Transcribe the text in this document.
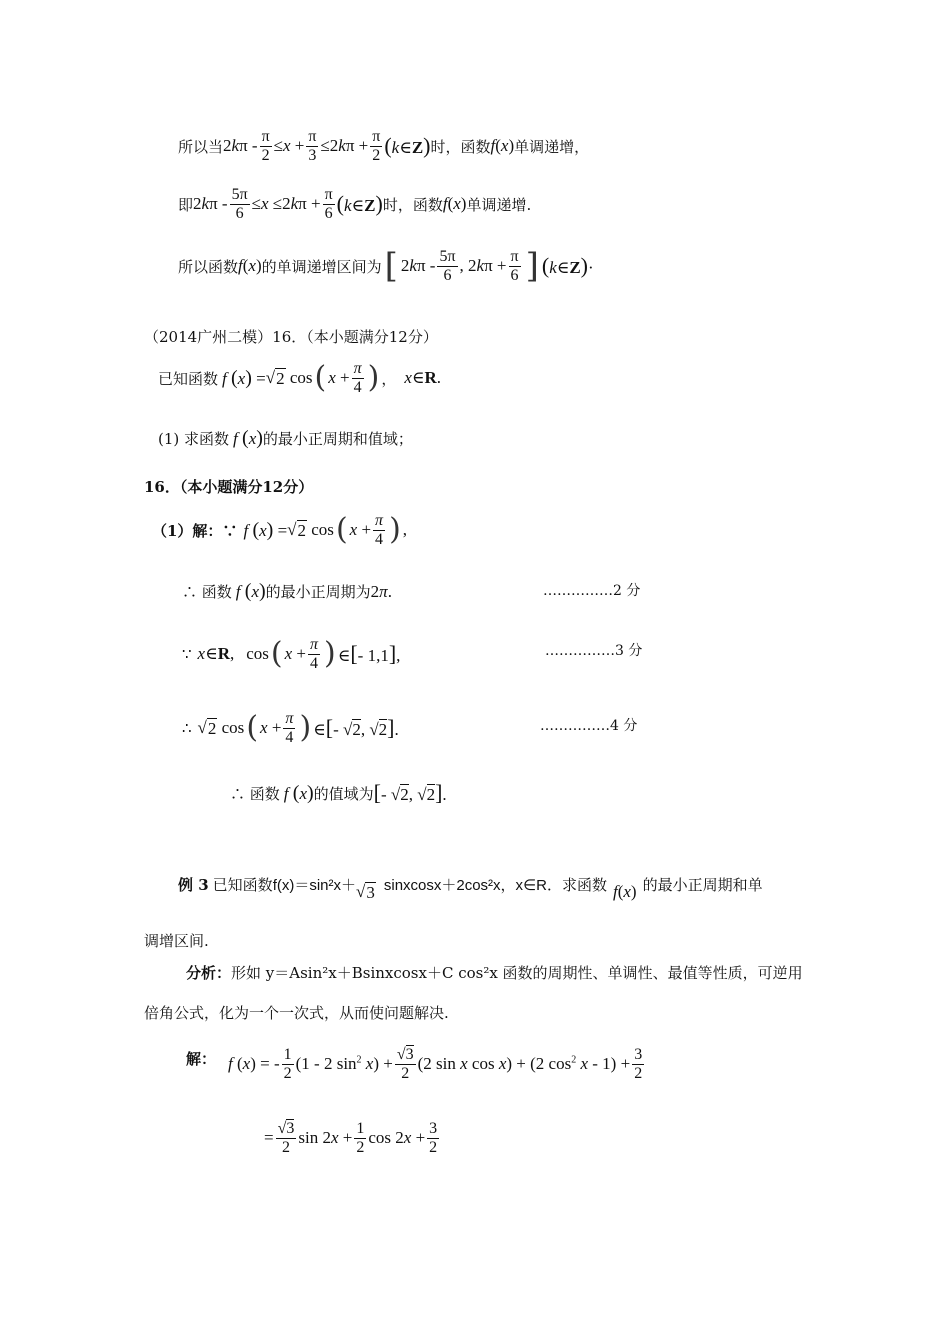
所以当 $2k\pi - \frac{\pi}{2} \le x + \frac{\pi}{3} \le 2k\pi + \frac{\pi}{2}$ (k∈Z) 时，函数 f(x) 单调递增，
即 $2k\pi - \frac{5\pi}{6} \le x \le 2k\pi + \frac{\pi}{6}$ (k∈Z) 时，函数 f(x) 单调递增.
所以函数 f(x) 的单调递增区间为 [ $2k\pi - \frac{5\pi}{6}$ , $2k\pi + \frac{\pi}{6}$ ] (k∈Z)·
（2014广州二模）16．（本小题满分12分）
已知函数 f (x) = √ 2 cos ( $x + \frac{\pi}{4}$ ) ， x∈R.
(1) 求函数 f (x) 的最小正周期和值域；
16．（本小题满分12分）
（1）解：∵ f (x) = √ 2 cos ( $x + \frac{\pi}{4}$ ) ,
∴ 函数 f (x) 的最小正周期为 2π.	……………2 分
∵ x∈R, cos ( $x + \frac{\pi}{4}$ ) ∈[- 1,1],	……………3 分
∴ √ 2 cos ( $x + \frac{\pi}{4}$ ) ∈[- √2, √2].	……………4 分
∴ 函数 f (x) 的值域为 [- √2, √2].
例 3 已知函数 f(x)＝sin²x＋ √ 3 sinxcosx＋2cos²x，x∈R．求函数 f(x) 的最小正周期和单
调增区间.
分析： 形如 y＝Asin²x＋Bsinxcosx＋C cos²x 函数的周期性、单调性、最值等性质，可逆用
倍角公式，化为一个一次式，从而使问题解决.
解： f (x) = - $\frac{1}{2} (1 - 2$ $\sin^2 x) + \frac{√3}{2} (2$ sin x cos x) + (2 $\cos^2 x - 1) + \frac{3}{2}$
= $\frac{√3}{2}$ $\sin 2x + \frac{1}{2}$ $\cos 2x + \frac{3}{2}$
